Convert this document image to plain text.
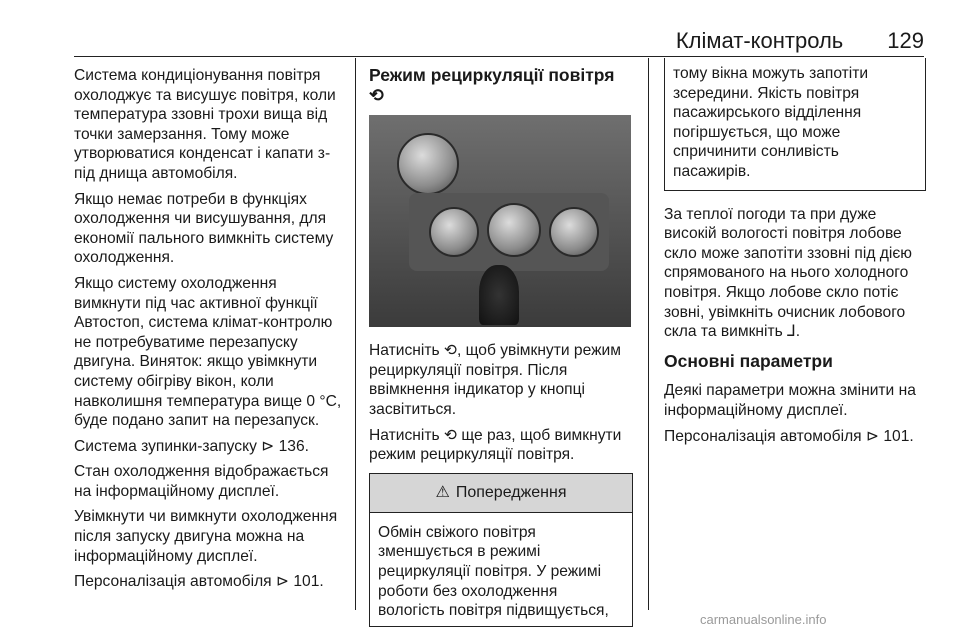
Клімат-контроль 129

Система кондиціонування повітря охолоджує та висушує повітря, коли температура ззовні трохи вища від точки замерзання. Тому може утворюватися конденсат і капати з-під днища автомобіля.

Якщо немає потреби в функціях охолодження чи висушування, для економії пального вимкніть систему охолодження.

Якщо систему охолодження вимкнути під час активної функції Автостоп, система клімат-контролю не потребуватиме перезапуску двигуна. Виняток: якщо увімкнути систему обігріву вікон, коли навколишня температура вище 0 °C, буде подано запит на перезапуск.

Система зупинки-запуску ⊳ 136.

Стан охолодження відображається на інформаційному дисплеї.

Увімкнути чи вимкнути охолодження після запуску двигуна можна на інформаційному дисплеї.

Персоналізація автомобіля ⊳ 101.

Режим рециркуляції повітря ⟲

Натисніть ⟲, щоб увімкнути режим рециркуляції повітря. Після ввімкнення індикатор у кнопці засвітиться.

Натисніть ⟲ ще раз, щоб вимкнути режим рециркуляції повітря.

⚠ Попередження
Обмін свіжого повітря зменшується в режимі рециркуляції повітря. У режимі роботи без охолодження вологість повітря підвищується,
тому вікна можуть запотіти зсередини. Якість повітря пасажирського відділення погіршується, що може спричинити сонливість пасажирів.

За теплої погоди та при дуже високій вологості повітря лобове скло може запотіти ззовні під дією спрямованого на нього холодного повітря. Якщо лобове скло потіє зовні, увімкніть очисник лобового скла та вимкніть ⅃.

Основні параметри

Деякі параметри можна змінити на інформаційному дисплеї.

Персоналізація автомобіля ⊳ 101.

carmanualsonline.info
